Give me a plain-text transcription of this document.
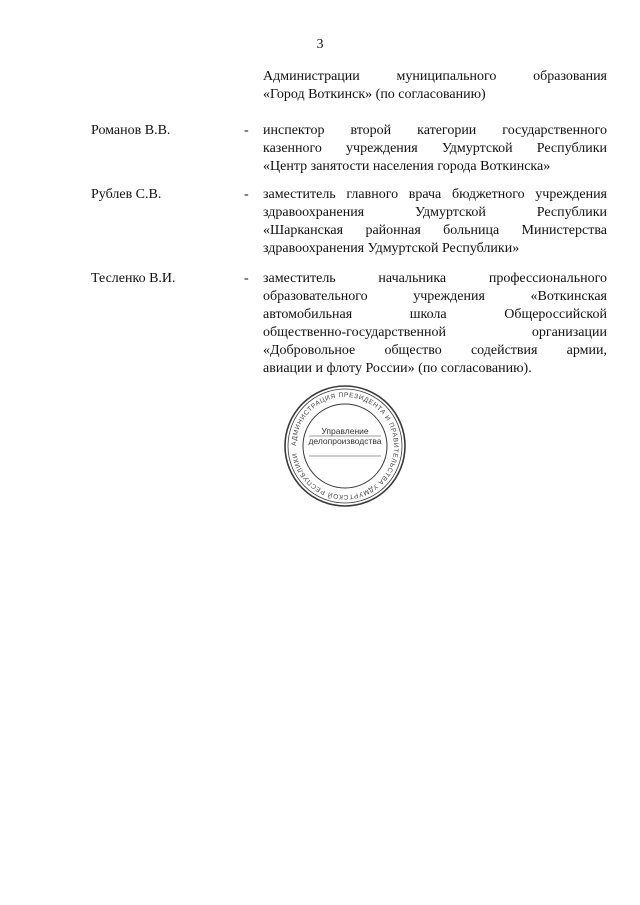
3
Администрации муниципального образования
«Город Воткинск» (по согласованию)
Романов В.В.	- инспектор второй категории государственного
казенного учреждения Удмуртской Республики
«Центр занятости населения города Воткинска»
Рублев С.В.	- заместитель главного врача бюджетного учреждения
здравоохранения Удмуртской Республики
«Шарканская районная больница Министерства
здравоохранения Удмуртской Республики»
Тесленко В.И.	- заместитель начальника профессионального
образовательного учреждения «Воткинская
автомобильная школа Общероссийской
общественно-государственной организации
«Добровольное общество содействия армии,
авиации и флоту России» (по согласованию).
АДМИНИСТРАЦИЯ ПРЕЗИДЕНТА И ПРАВИТЕЛЬСТВА УДМУРТСКОЙ РЕСПУБЛИКИ
Управление
делопроизводства
